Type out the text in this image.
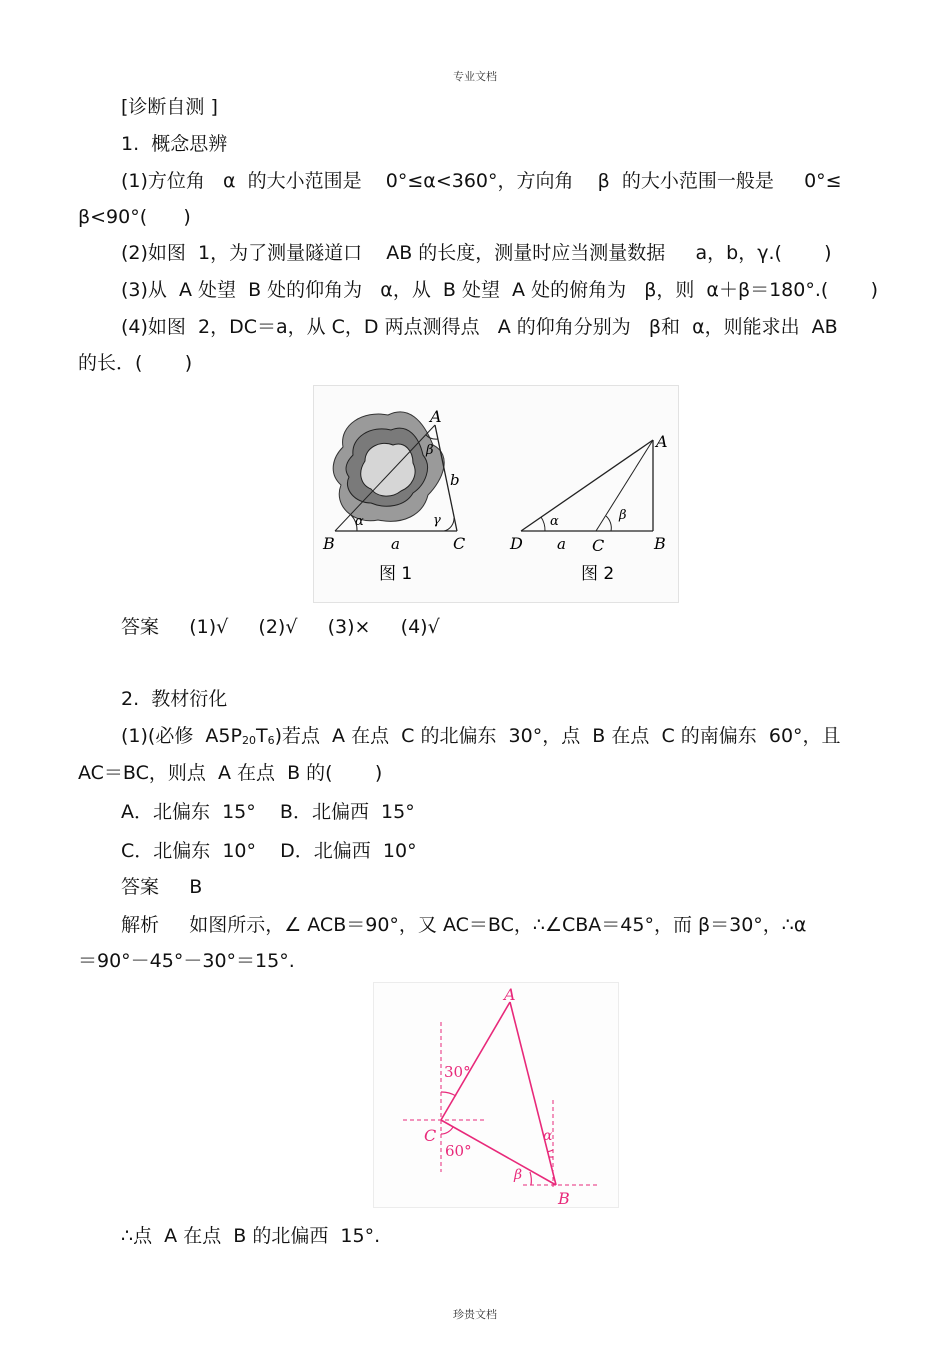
专业文档
[诊断自测 ]
1.  概念思辨
(1)方位角   α  的大小范围是    0°≤α<360°，方向角    β  的大小范围一般是     0°≤
β<90°(      )
(2)如图  1，为了测量隧道口    AB 的长度，测量时应当测量数据     a，b，γ.(       )
(3)从  A 处望  B 处的仰角为   α，从  B 处望  A 处的俯角为   β，则  α＋β＝180°.(       )
(4)如图  2，DC＝a，从 C，D 两点测得点   A 的仰角分别为   β和  α，则能求出  AB
的长．(       )
A
β
b
α	γ
B	a	C
图 1
A
α	β
D a C	B
图 2
答案     (1)√     (2)√     (3)×     (4)√
2.  教材衍化
(1)(必修  $A5P_{20}T_6$)若点  A 在点  C 的北偏东  30°，点  B 在点  C 的南偏东  60°，且
AC＝BC，则点  A 在点  B 的(       )
A．北偏东  15°    B．北偏西  15°
C．北偏东  10°    D．北偏西  10°
答案     B
解析     如图所示，∠ ACB＝90°，又 AC＝BC，∴∠CBA＝45°，而 β＝30°，∴α
＝90°－45°－30°＝15°.
A
C
B
α
β
30°
60°
∴点  A 在点  B 的北偏西  15°.
珍贵文档
